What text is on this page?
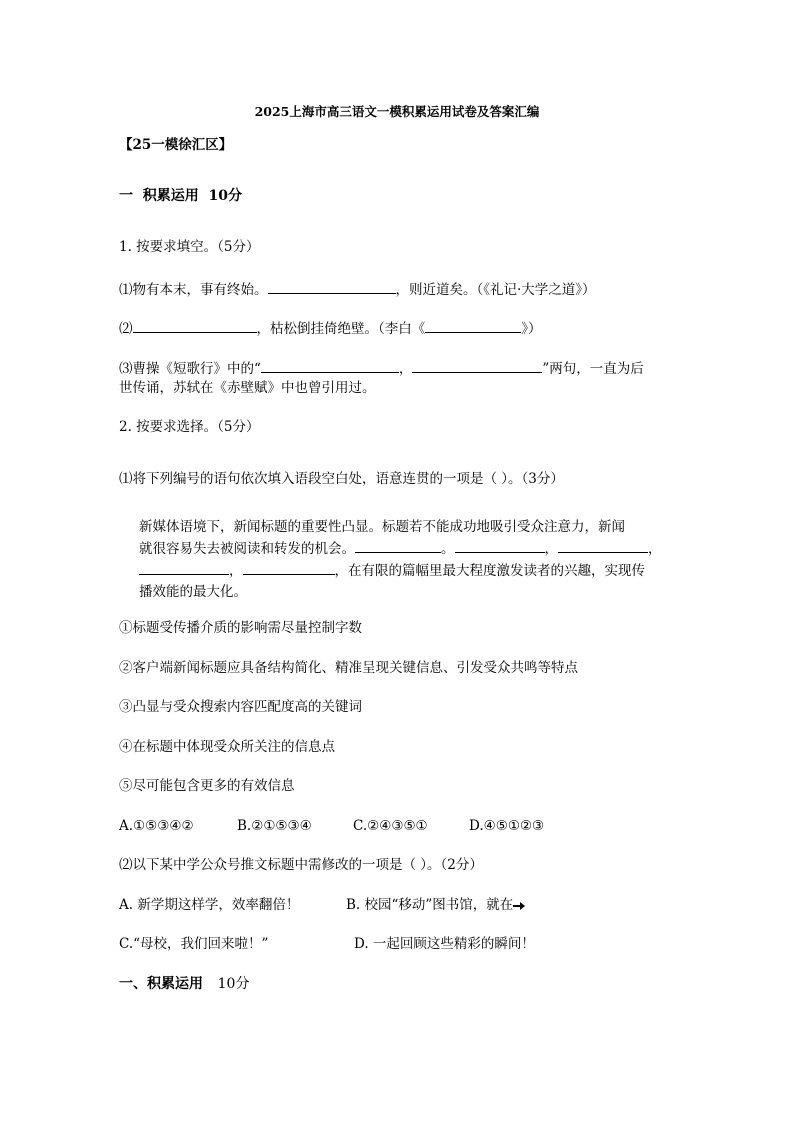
2025上海市高三语文一模积累运用试卷及答案汇编
【25一模徐汇区】
一 积累运用 10分
1. 按要求填空。（5分）
⑴物有本末，事有终始。	，则近道矣。（《礼记·大学之道》）
⑵	，枯松倒挂倚绝壁。（李白《	》）
⑶曹操《短歌行》中的“	，	”两句，一直为后
世传诵，苏轼在《赤壁赋》中也曾引用过。
2. 按要求选择。（5分）
⑴将下列编号的语句依次填入语段空白处，语意连贯的一项是（ ）。（3分）
新媒体语境下，新闻标题的重要性凸显。标题若不能成功地吸引受众注意力，新闻
就很容易失去被阅读和转发的机会。	。	，	，
，	，在有限的篇幅里最大程度激发读者的兴趣，实现传
播效能的最大化。
①标题受传播介质的影响需尽量控制字数
②客户端新闻标题应具备结构简化、精准呈现关键信息、引发受众共鸣等特点
③凸显与受众搜索内容匹配度高的关键词
④在标题中体现受众所关注的信息点
⑤尽可能包含更多的有效信息
A.①⑤③④②	B.②①⑤③④	C.②④③⑤①	D.④⑤①②③
⑵以下某中学公众号推文标题中需修改的一项是（ ）。（2分）
A. 新学期这样学，效率翻倍！	B. 校园“移动”图书馆，就在
C.“母校，我们回来啦！”	D. 一起回顾这些精彩的瞬间！
一、积累运用 10分
